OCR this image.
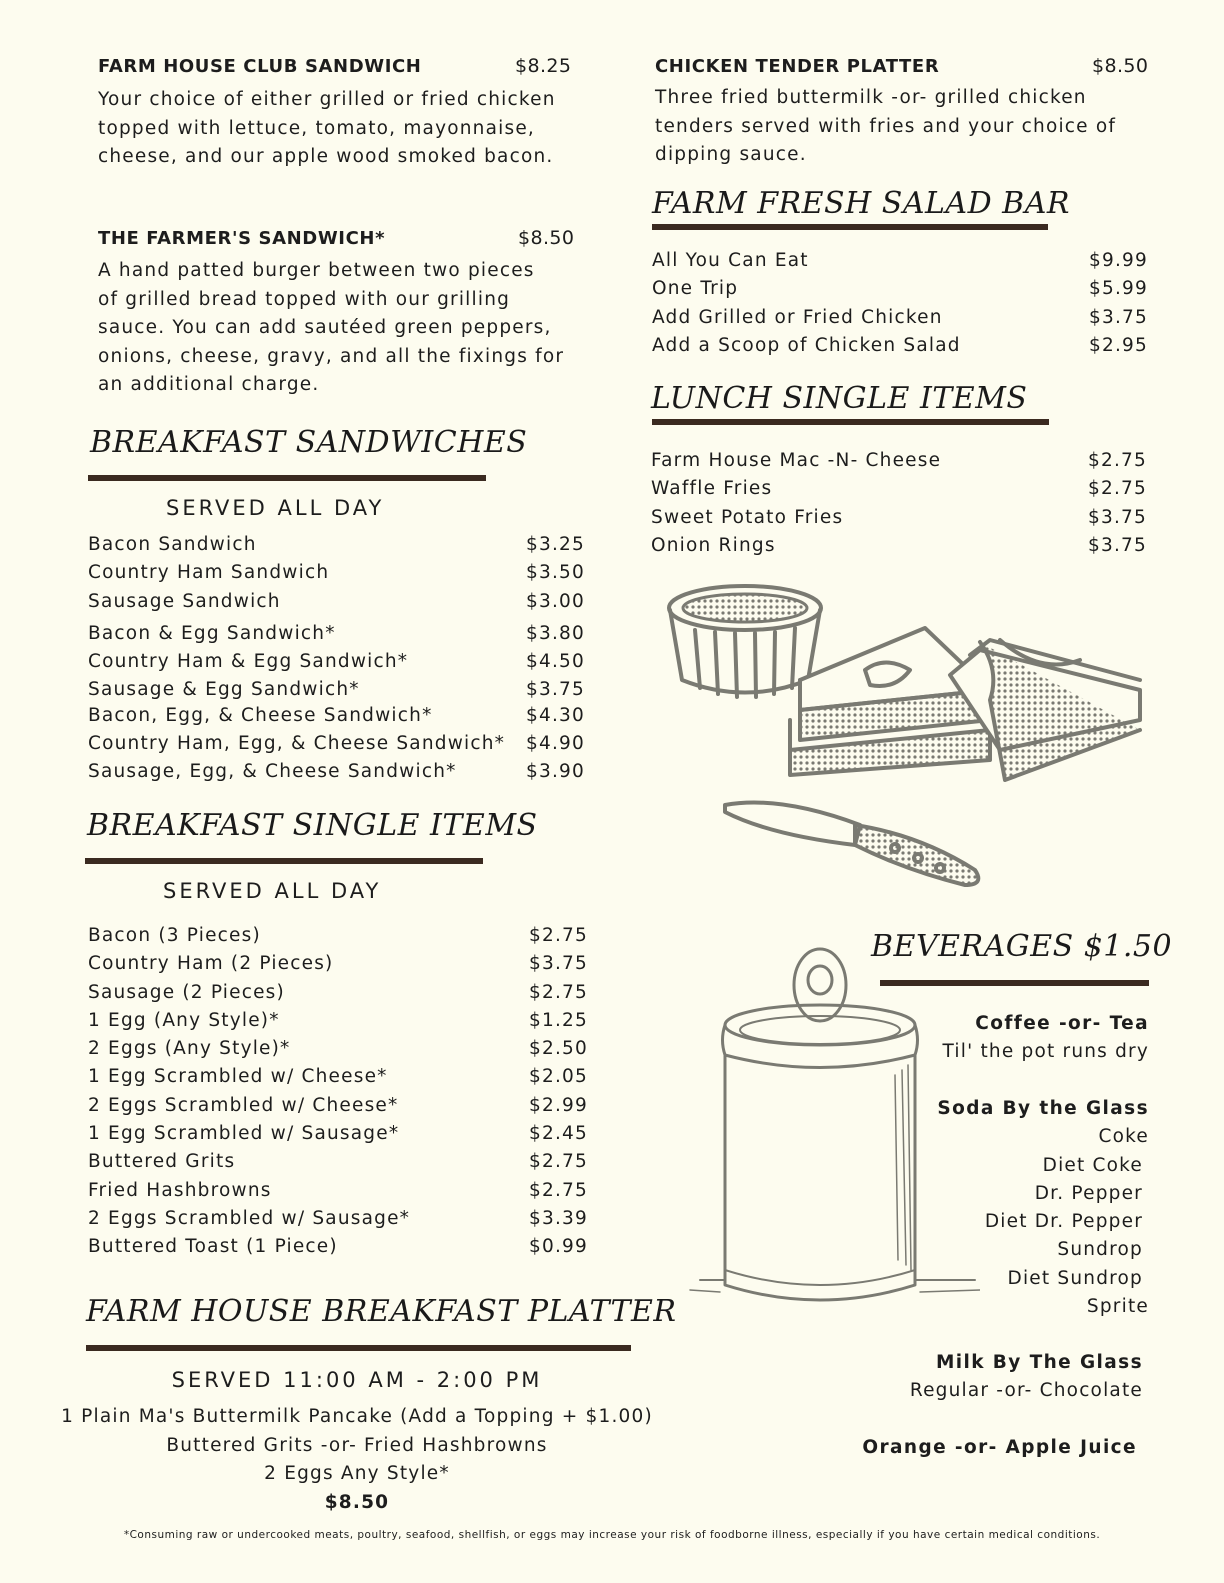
FARM HOUSE CLUB SANDWICH	$8.25
Your choice of either grilled or fried chicken
topped with lettuce, tomato, mayonnaise,
cheese, and our apple wood smoked bacon.
THE FARMER'S SANDWICH*	$8.50
A hand patted burger between two pieces
of grilled bread topped with our grilling
sauce. You can add sautéed green peppers,
onions, cheese, gravy, and all the fixings for
an additional charge.
CHICKEN TENDER PLATTER	$8.50
Three fried buttermilk -or- grilled chicken
tenders served with fries and your choice of
dipping sauce.
FARM FRESH SALAD BAR
All You Can Eat	$9.99
One Trip	$5.99
Add Grilled or Fried Chicken	$3.75
Add a Scoop of Chicken Salad	$2.95
LUNCH SINGLE ITEMS
Farm House Mac -N- Cheese	$2.75
Waffle Fries	$2.75
Sweet Potato Fries	$3.75
Onion Rings	$3.75
BREAKFAST SANDWICHES
SERVED ALL DAY
Bacon Sandwich	$3.25
Country Ham Sandwich	$3.50
Sausage Sandwich	$3.00
Bacon & Egg Sandwich*	$3.80
Country Ham & Egg Sandwich*	$4.50
Sausage & Egg Sandwich*	$3.75
Bacon, Egg, & Cheese Sandwich*	$4.30
Country Ham, Egg, & Cheese Sandwich* $4.90
Sausage, Egg, & Cheese Sandwich*	$3.90
BREAKFAST SINGLE ITEMS
SERVED ALL DAY
Bacon (3 Pieces)	$2.75
Country Ham (2 Pieces)	$3.75
Sausage (2 Pieces)	$2.75
1 Egg (Any Style)*	$1.25
2 Eggs (Any Style)*	$2.50
1 Egg Scrambled w/ Cheese*	$2.05
2 Eggs Scrambled w/ Cheese*	$2.99
1 Egg Scrambled w/ Sausage*	$2.45
Buttered Grits	$2.75
Fried Hashbrowns	$2.75
2 Eggs Scrambled w/ Sausage*	$3.39
Buttered Toast (1 Piece)	$0.99
FARM HOUSE BREAKFAST PLATTER
SERVED 11:00 AM - 2:00 PM
1 Plain Ma's Buttermilk Pancake (Add a Topping + $1.00)
Buttered Grits -or- Fried Hashbrowns
2 Eggs Any Style*
$8.50
BEVERAGES $1.50
Coffee -or- Tea
Til' the pot runs dry
Soda By the Glass
Coke
Diet Coke
Dr. Pepper
Diet Dr. Pepper
Sundrop
Diet Sundrop
Sprite
Milk By The Glass
Regular -or- Chocolate
Orange -or- Apple Juice
*Consuming raw or undercooked meats, poultry, seafood, shellfish, or eggs may increase your risk of foodborne illness, especially if you have certain medical conditions.
